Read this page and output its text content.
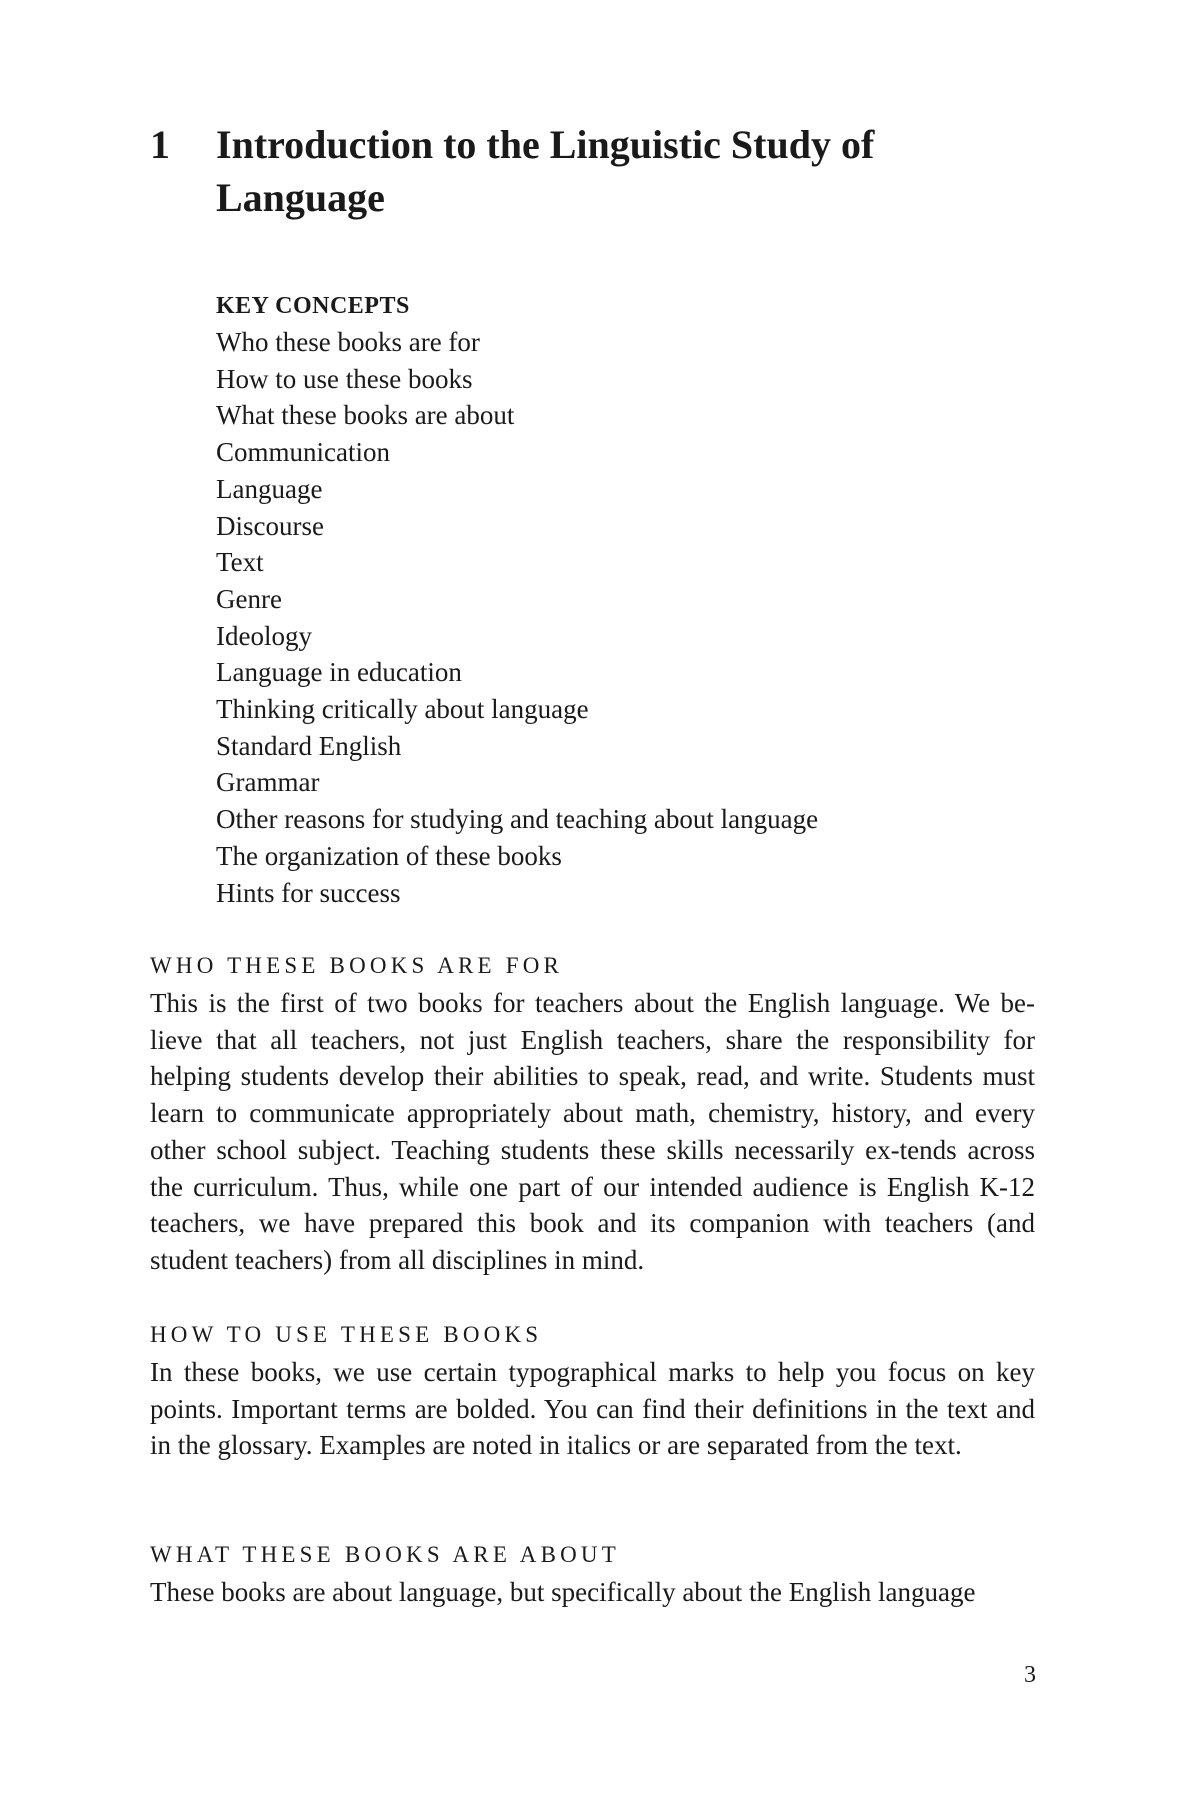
1	Introduction to the Linguistic Study of Language
KEY CONCEPTS
Who these books are for
How to use these books
What these books are about
Communication
Language
Discourse
Text
Genre
Ideology
Language in education
Thinking critically about language
Standard English
Grammar
Other reasons for studying and teaching about language
The organization of these books
Hints for success
WHO THESE BOOKS ARE FOR

This is the first of two books for teachers about the English language. We be-lieve that all teachers, not just English teachers, share the responsibility for helping students develop their abilities to speak, read, and write. Students must learn to communicate appropriately about math, chemistry, history, and every other school subject. Teaching students these skills necessarily ex-tends across the curriculum. Thus, while one part of our intended audience is English K-12 teachers, we have prepared this book and its companion with teachers (and student teachers) from all disciplines in mind.

HOW TO USE THESE BOOKS

In these books, we use certain typographical marks to help you focus on key points. Important terms are bolded. You can find their definitions in the text and in the glossary. Examples are noted in italics or are separated from the text.

WHAT THESE BOOKS ARE ABOUT

These books are about language, but specifically about the English language

3
